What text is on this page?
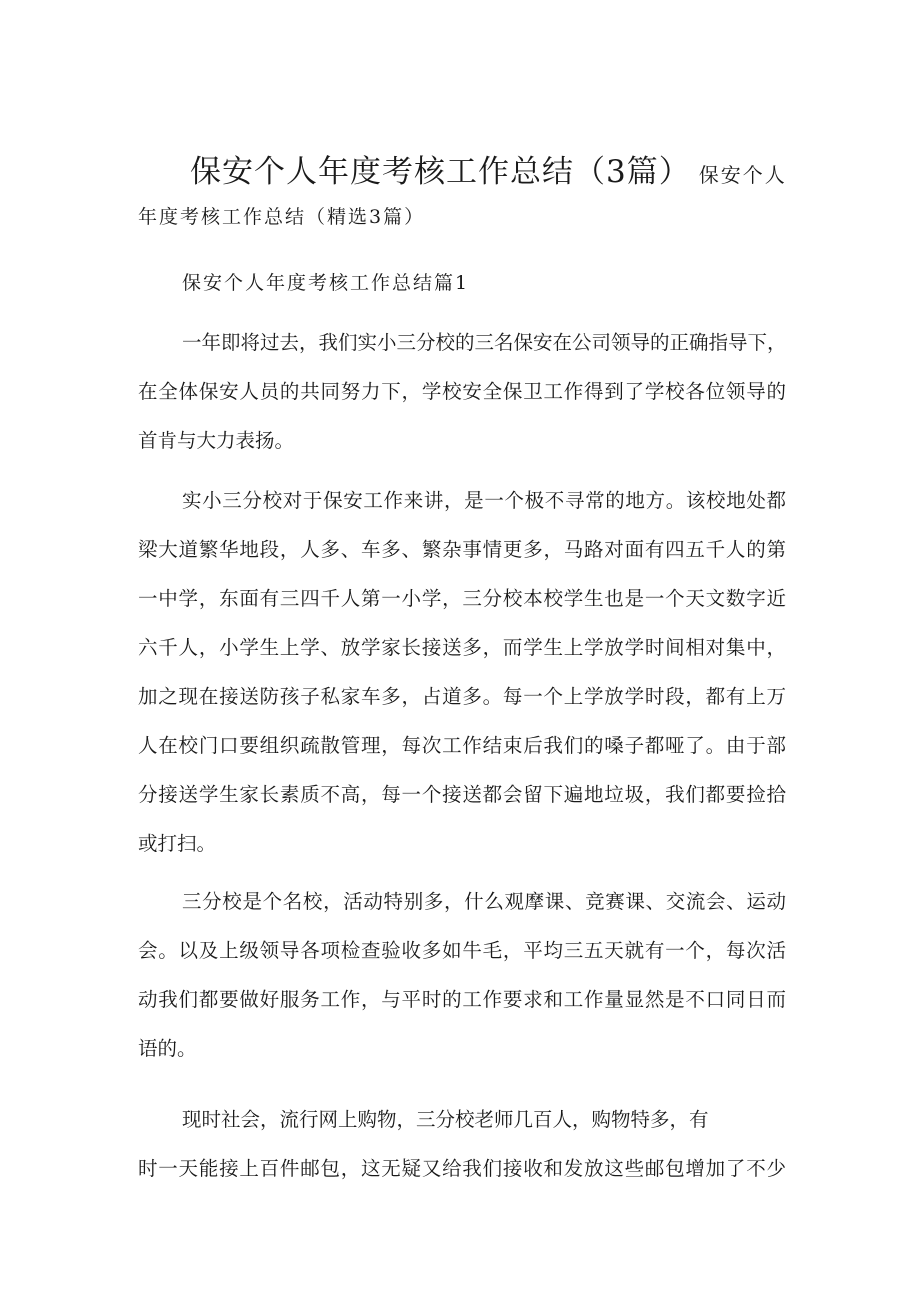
保安个人年度考核工作总结（3篇） 保安个人
年度考核工作总结（精选3篇）
保安个人年度考核工作总结篇1
一年即将过去，我们实小三分校的三名保安在公司领导的正确指导下，
在全体保安人员的共同努力下，学校安全保卫工作得到了学校各位领导的
首肯与大力表扬。
实小三分校对于保安工作来讲，是一个极不寻常的地方。该校地处都
梁大道繁华地段，人多、车多、繁杂事情更多，马路对面有四五千人的第
一中学，东面有三四千人第一小学，三分校本校学生也是一个天文数字近
六千人，小学生上学、放学家长接送多，而学生上学放学时间相对集中，
加之现在接送防孩子私家车多，占道多。每一个上学放学时段，都有上万
人在校门口要组织疏散管理，每次工作结束后我们的嗓子都哑了。由于部
分接送学生家长素质不高，每一个接送都会留下遍地垃圾，我们都要捡拾
或打扫。
三分校是个名校，活动特别多，什么观摩课、竞赛课、交流会、运动
会。以及上级领导各项检查验收多如牛毛，平均三五天就有一个，每次活
动我们都要做好服务工作，与平时的工作要求和工作量显然是不口同日而
语的。
现时社会，流行网上购物，三分校老师几百人，购物特多，有
时一天能接上百件邮包，这无疑又给我们接收和发放这些邮包增加了不少
